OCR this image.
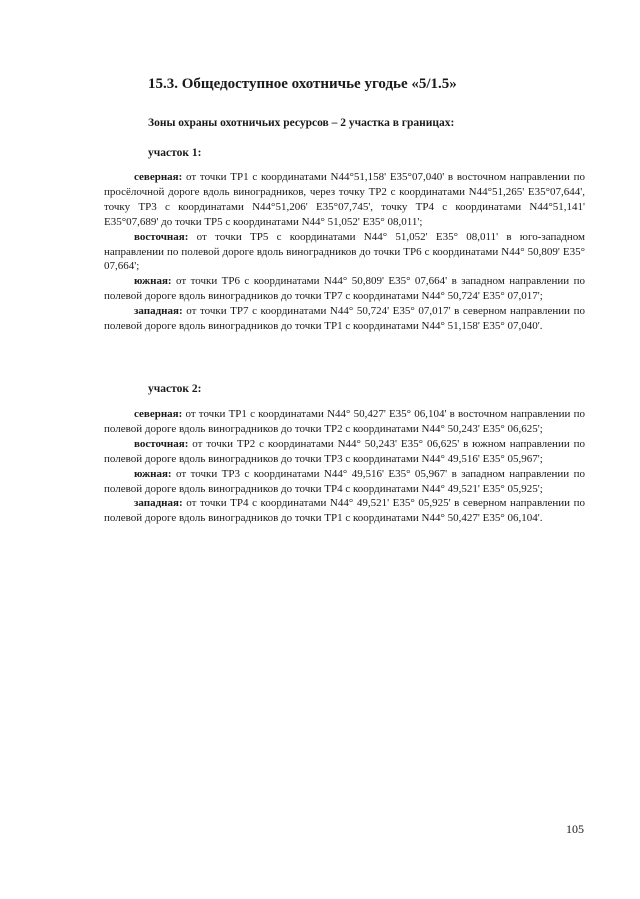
15.3. Общедоступное охотничье угодье «5/1.5»
Зоны охраны охотничьих ресурсов – 2 участка в границах:
участок 1:

северная: от точки ТР1 с координатами N44°51,158' E35°07,040' в восточном направлении по просёлочной дороге вдоль виноградников, через точку ТР2 с координатами N44°51,265' E35°07,644', точку ТР3 с координатами N44°51,206' E35°07,745', точку ТР4 с координатами N44°51,141' E35°07,689' до точки ТР5 с координатами N44° 51,052' E35° 08,011';

восточная: от точки ТР5 с координатами N44° 51,052' E35° 08,011' в юго-западном направлении по полевой дороге вдоль виноградников до точки ТР6 с координатами N44° 50,809' E35° 07,664';

южная: от точки ТР6 с координатами N44° 50,809' E35° 07,664' в западном направлении по полевой дороге вдоль виноградников до точки ТР7 с координатами N44° 50,724' E35° 07,017';

западная: от точки ТР7 с координатами N44° 50,724' E35° 07,017' в северном направлении по полевой дороге вдоль виноградников до точки ТР1 с координатами N44° 51,158' E35° 07,040'.

участок 2:

северная: от точки ТР1 с координатами N44° 50,427' E35° 06,104' в восточном направлении по полевой дороге вдоль виноградников до точки ТР2 с координатами N44° 50,243' E35° 06,625';

восточная: от точки ТР2 с координатами N44° 50,243' E35° 06,625' в южном направлении по полевой дороге вдоль виноградников до точки ТР3 с координатами N44° 49,516' E35° 05,967';

южная: от точки ТР3 с координатами N44° 49,516' E35° 05,967' в западном направлении по полевой дороге вдоль виноградников до точки ТР4 с координатами N44° 49,521' E35° 05,925';

западная: от точки ТР4 с координатами N44° 49,521' E35° 05,925' в северном направлении по полевой дороге вдоль виноградников до точки ТР1 с координатами N44° 50,427' E35° 06,104'.

105
